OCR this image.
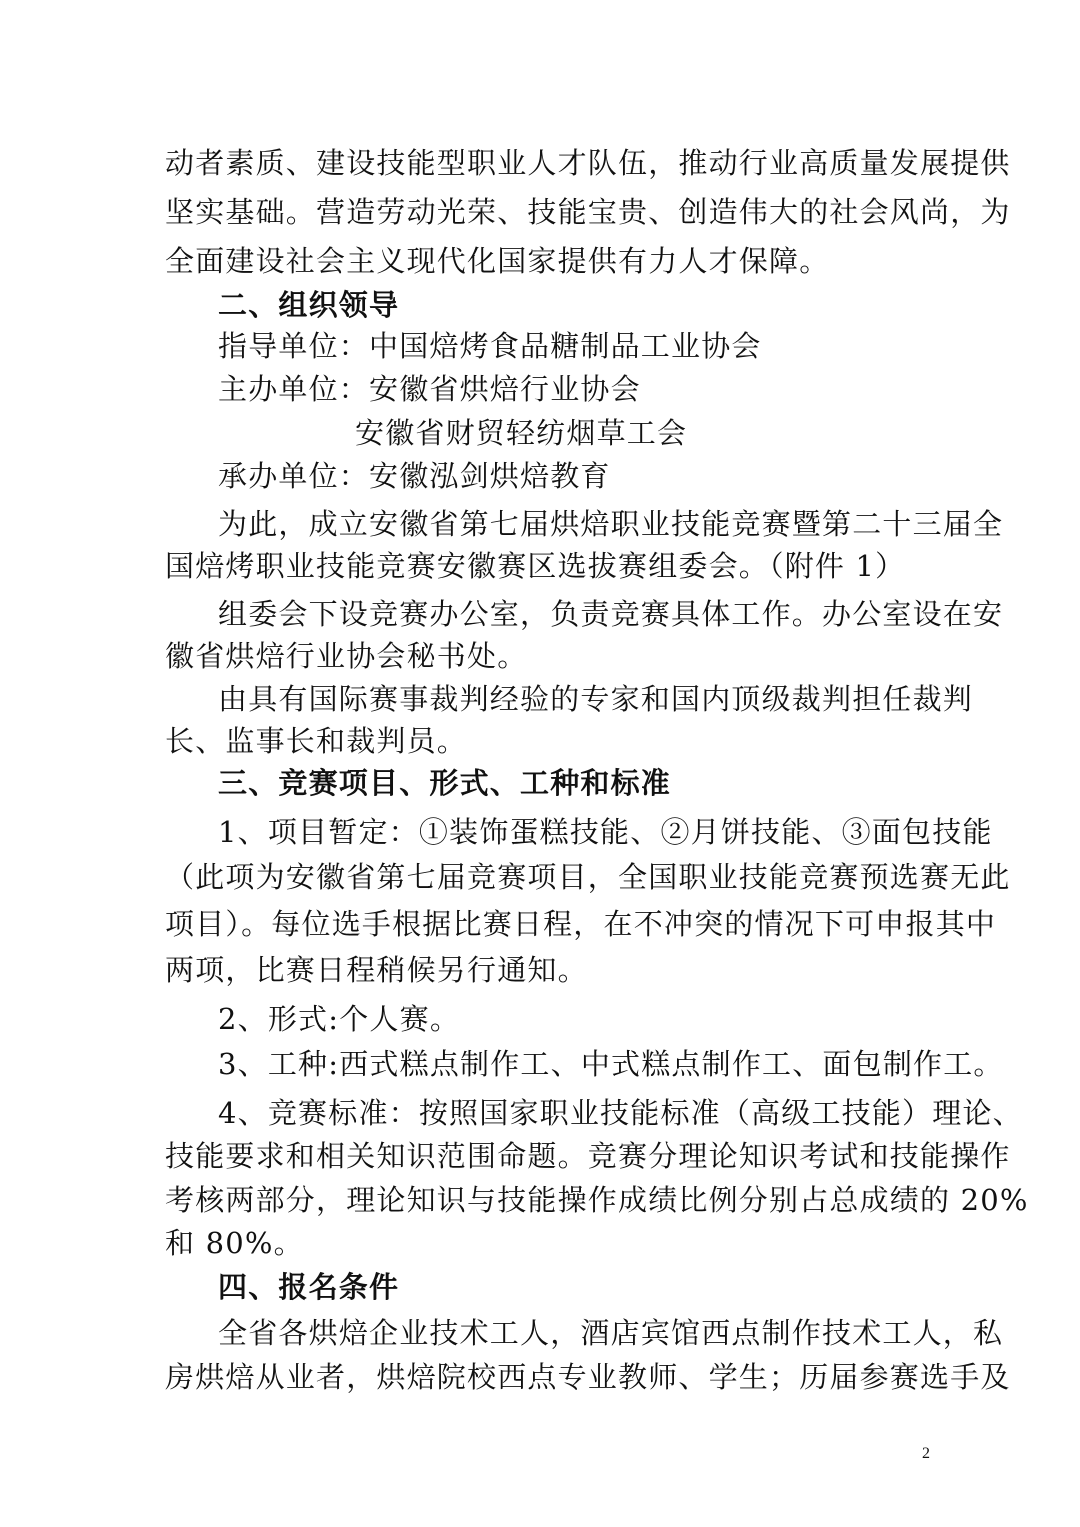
动者素质、建设技能型职业人才队伍，推动行业高质量发展提供
坚实基础。营造劳动光荣、技能宝贵、创造伟大的社会风尚，为
全面建设社会主义现代化国家提供有力人才保障。
二、组织领导
指导单位：中国焙烤食品糖制品工业协会
主办单位：安徽省烘焙行业协会
安徽省财贸轻纺烟草工会
承办单位：安徽泓剑烘焙教育
为此，成立安徽省第七届烘焙职业技能竞赛暨第二十三届全
国焙烤职业技能竞赛安徽赛区选拔赛组委会。（附件 1）
组委会下设竞赛办公室，负责竞赛具体工作。办公室设在安
徽省烘焙行业协会秘书处。
由具有国际赛事裁判经验的专家和国内顶级裁判担任裁判
长、监事长和裁判员。
三、竞赛项目、形式、工种和标准
1、项目暂定：①装饰蛋糕技能、②月饼技能、③面包技能
（此项为安徽省第七届竞赛项目，全国职业技能竞赛预选赛无此
项目）。每位选手根据比赛日程，在不冲突的情况下可申报其中
两项，比赛日程稍候另行通知。
2、形式:个人赛。
3、工种:西式糕点制作工、中式糕点制作工、面包制作工。
4、竞赛标准：按照国家职业技能标准（高级工技能）理论、
技能要求和相关知识范围命题。竞赛分理论知识考试和技能操作
考核两部分，理论知识与技能操作成绩比例分别占总成绩的 20%
和 80%。
四、报名条件
全省各烘焙企业技术工人，酒店宾馆西点制作技术工人，私
房烘焙从业者，烘焙院校西点专业教师、学生；历届参赛选手及
2
